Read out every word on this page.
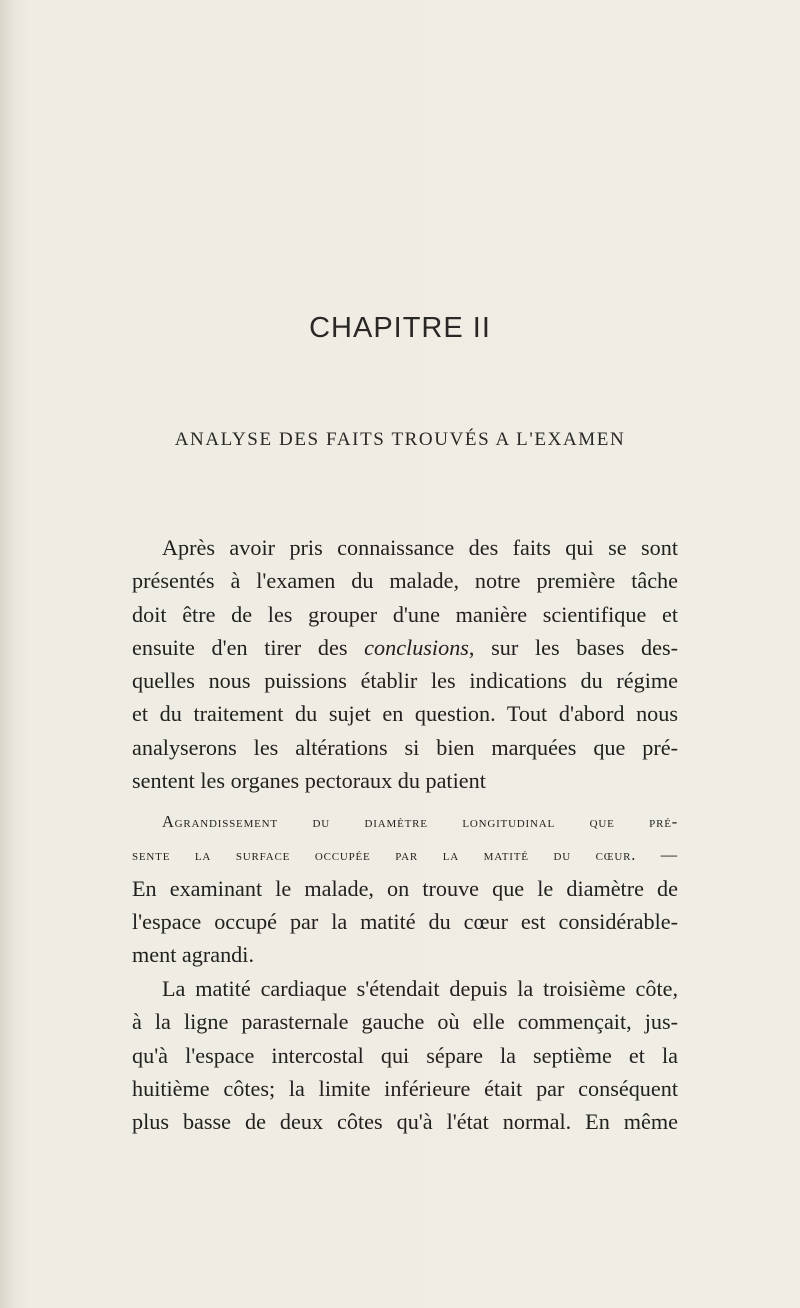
CHAPITRE II
ANALYSE DES FAITS TROUVÉS A L'EXAMEN
Après avoir pris connaissance des faits qui se sont
présentés à l'examen du malade, notre première tâche
doit être de les grouper d'une manière scientifique et
ensuite d'en tirer des conclusions, sur les bases des-
quelles nous puissions établir les indications du régime
et du traitement du sujet en question. Tout d'abord nous
analyserons les altérations si bien marquées que pré-
sentent les organes pectoraux du patient
Agrandissement du diamètre longitudinal que pré-
sente la surface occupée par la matité du cœur. —
En examinant le malade, on trouve que le diamètre de
l'espace occupé par la matité du cœur est considérable-
ment agrandi.
La matité cardiaque s'étendait depuis la troisième côte,
à la ligne parasternale gauche où elle commençait, jus-
qu'à l'espace intercostal qui sépare la septième et la
huitième côtes; la limite inférieure était par conséquent
plus basse de deux côtes qu'à l'état normal. En même
